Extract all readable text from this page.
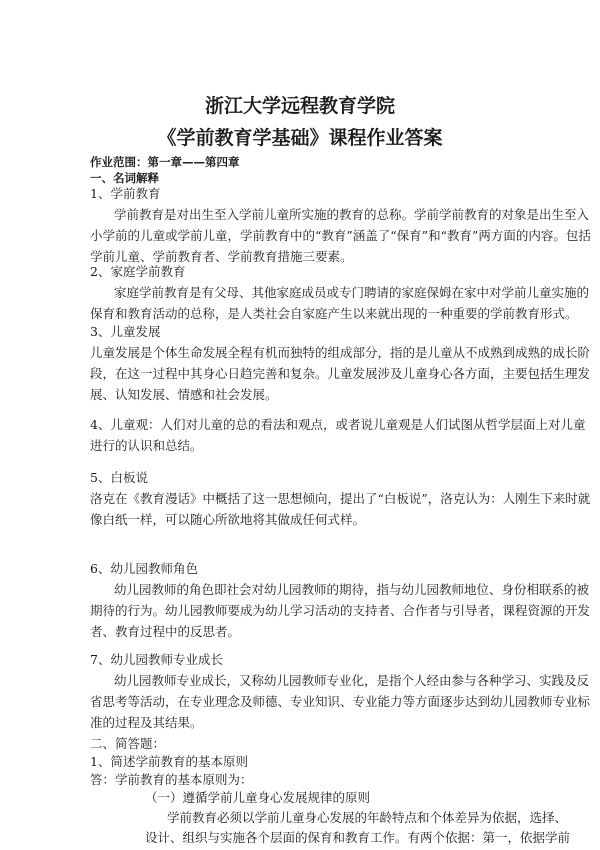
浙江大学远程教育学院
《学前教育学基础》课程作业答案
作业范围：第一章——第四章
一、名词解释
1、学前教育
学前教育是对出生至入学前儿童所实施的教育的总称。学前学前教育的对象是出生至入
小学前的儿童或学前儿童，学前教育中的“教育”涵盖了“保育”和“教育”两方面的内容。包括
学前儿童、学前教育者、学前教育措施三要素。
2、家庭学前教育
家庭学前教育是有父母、其他家庭成员或专门聘请的家庭保姆在家中对学前儿童实施的
保育和教育活动的总称，是人类社会自家庭产生以来就出现的一种重要的学前教育形式。
3、儿童发展
儿童发展是个体生命发展全程有机而独特的组成部分，指的是儿童从不成熟到成熟的成长阶
段，在这一过程中其身心日趋完善和复杂。儿童发展涉及儿童身心各方面，主要包括生理发
展、认知发展、情感和社会发展。
4、儿童观：人们对儿童的总的看法和观点，或者说儿童观是人们试图从哲学层面上对儿童
进行的认识和总结。
5、白板说
洛克在《教育漫话》中概括了这一思想倾向，提出了“白板说”，洛克认为：人刚生下来时就
像白纸一样，可以随心所欲地将其做成任何式样。
6、幼儿园教师角色
幼儿园教师的角色即社会对幼儿园教师的期待，指与幼儿园教师地位、身份相联系的被
期待的行为。幼儿园教师要成为幼儿学习活动的支持者、合作者与引导者，课程资源的开发
者、教育过程中的反思者。
7、幼儿园教师专业成长
幼儿园教师专业成长，又称幼儿园教师专业化，是指个人经由参与各种学习、实践及反
省思考等活动，在专业理念及师德、专业知识、专业能力等方面逐步达到幼儿园教师专业标
准的过程及其结果。
二、简答题：
1、简述学前教育的基本原则
答：学前教育的基本原则为：
（一）遵循学前儿童身心发展规律的原则
学前教育必须以学前儿童身心发展的年龄特点和个体差异为依据，选择、
设计、组织与实施各个层面的保育和教育工作。有两个依据：第一，依据学前
